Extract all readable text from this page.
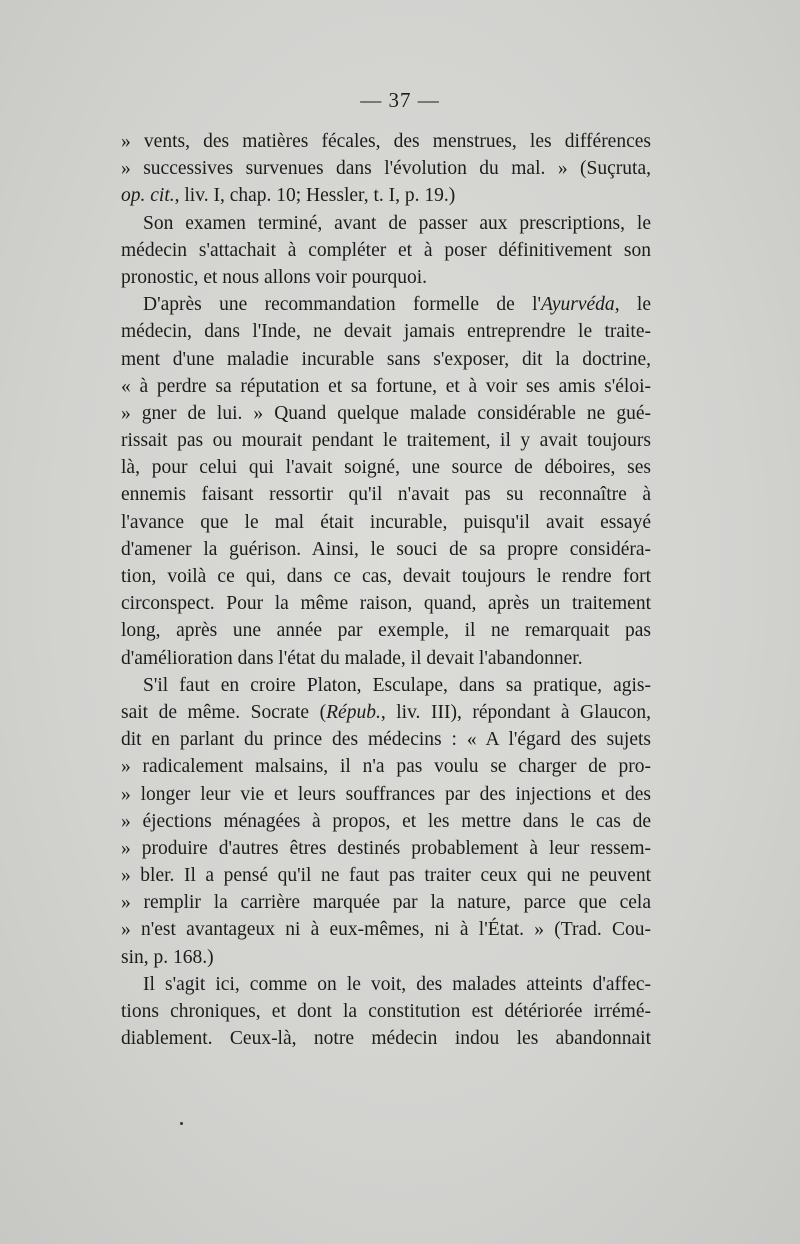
— 37 —
» vents, des matières fécales, des menstrues, les différences
» successives survenues dans l'évolution du mal. » (Suçruta,
op. cit., liv. I, chap. 10; Hessler, t. I, p. 19.)
Son examen terminé, avant de passer aux prescriptions, le
médecin s'attachait à compléter et à poser définitivement son
pronostic, et nous allons voir pourquoi.
D'après une recommandation formelle de l'Ayurvéda, le
médecin, dans l'Inde, ne devait jamais entreprendre le traite-
ment d'une maladie incurable sans s'exposer, dit la doctrine,
« à perdre sa réputation et sa fortune, et à voir ses amis s'éloi-
» gner de lui. » Quand quelque malade considérable ne gué-
rissait pas ou mourait pendant le traitement, il y avait toujours
là, pour celui qui l'avait soigné, une source de déboires, ses
ennemis faisant ressortir qu'il n'avait pas su reconnaître à
l'avance que le mal était incurable, puisqu'il avait essayé
d'amener la guérison. Ainsi, le souci de sa propre considéra-
tion, voilà ce qui, dans ce cas, devait toujours le rendre fort
circonspect. Pour la même raison, quand, après un traitement
long, après une année par exemple, il ne remarquait pas
d'amélioration dans l'état du malade, il devait l'abandonner.
S'il faut en croire Platon, Esculape, dans sa pratique, agis-
sait de même. Socrate (Répub., liv. III), répondant à Glaucon,
dit en parlant du prince des médecins : « A l'égard des sujets
» radicalement malsains, il n'a pas voulu se charger de pro-
» longer leur vie et leurs souffrances par des injections et des
» éjections ménagées à propos, et les mettre dans le cas de
» produire d'autres êtres destinés probablement à leur ressem-
» bler. Il a pensé qu'il ne faut pas traiter ceux qui ne peuvent
» remplir la carrière marquée par la nature, parce que cela
» n'est avantageux ni à eux-mêmes, ni à l'État. » (Trad. Cou-
sin, p. 168.)
Il s'agit ici, comme on le voit, des malades atteints d'affec-
tions chroniques, et dont la constitution est détériorée irrémé-
diablement. Ceux-là, notre médecin indou les abandonnait
